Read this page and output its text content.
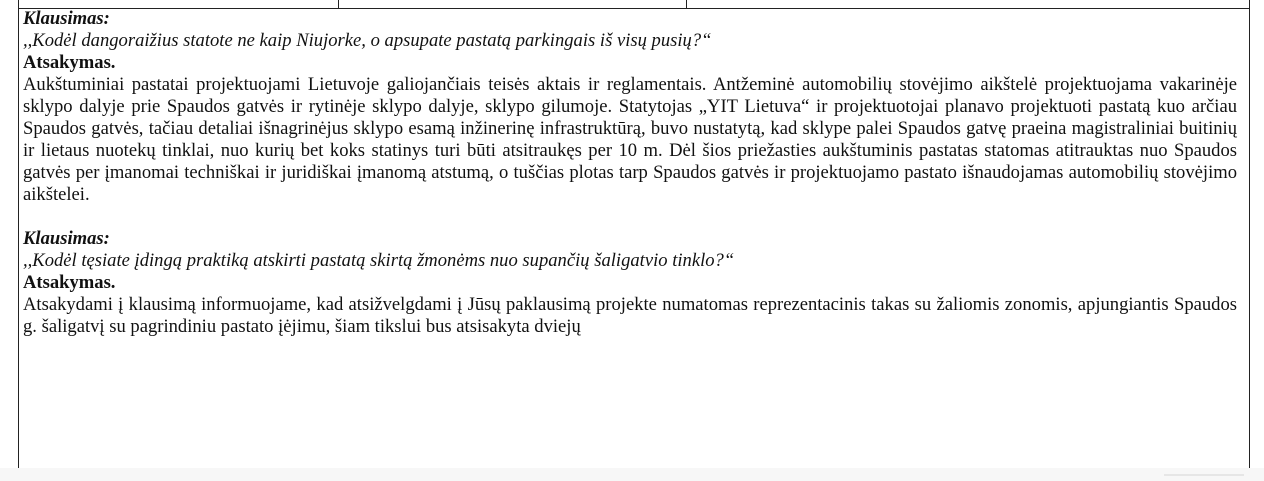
Klausimas:

,,Kodėl dangoraižius statote ne kaip Niujorke, o apsupate pastatą parkingais iš visų pusių?“

Atsakymas.

Aukštuminiai pastatai projektuojami Lietuvoje galiojančiais teisės aktais ir reglamentais. Antžeminė automobilių stovėjimo aikštelė projektuojama vakarinėje sklypo dalyje prie Spaudos gatvės ir rytinėje sklypo dalyje, sklypo gilumoje. Statytojas „YIT Lietuva“ ir projektuotojai planavo projektuoti pastatą kuo arčiau Spaudos gatvės, tačiau detaliai išnagrinėjus sklypo esamą inžinerinę infrastruktūrą, buvo nustatytą, kad sklype palei Spaudos gatvę praeina magistraliniai buitinių ir lietaus nuotekų tinklai, nuo kurių bet koks statinys turi būti atsitraukęs per 10 m. Dėl šios priežasties aukštuminis pastatas statomas atitrauktas nuo Spaudos gatvės per įmanomai techniškai ir juridiškai įmanomą atstumą, o tuščias plotas tarp Spaudos gatvės ir projektuojamo pastato išnaudojamas automobilių stovėjimo aikštelei.

Klausimas:

,,Kodėl tęsiate įdingą praktiką atskirti pastatą skirtą žmonėms nuo supančių šaligatvio tinklo?“

Atsakymas.

Atsakydami į klausimą informuojame, kad atsižvelgdami į Jūsų paklausimą projekte numatomas reprezentacinis takas su žaliomis zonomis, apjungiantis Spaudos g. šaligatvį su pagrindiniu pastato įėjimu, šiam tikslui bus atsisakyta dviejų
